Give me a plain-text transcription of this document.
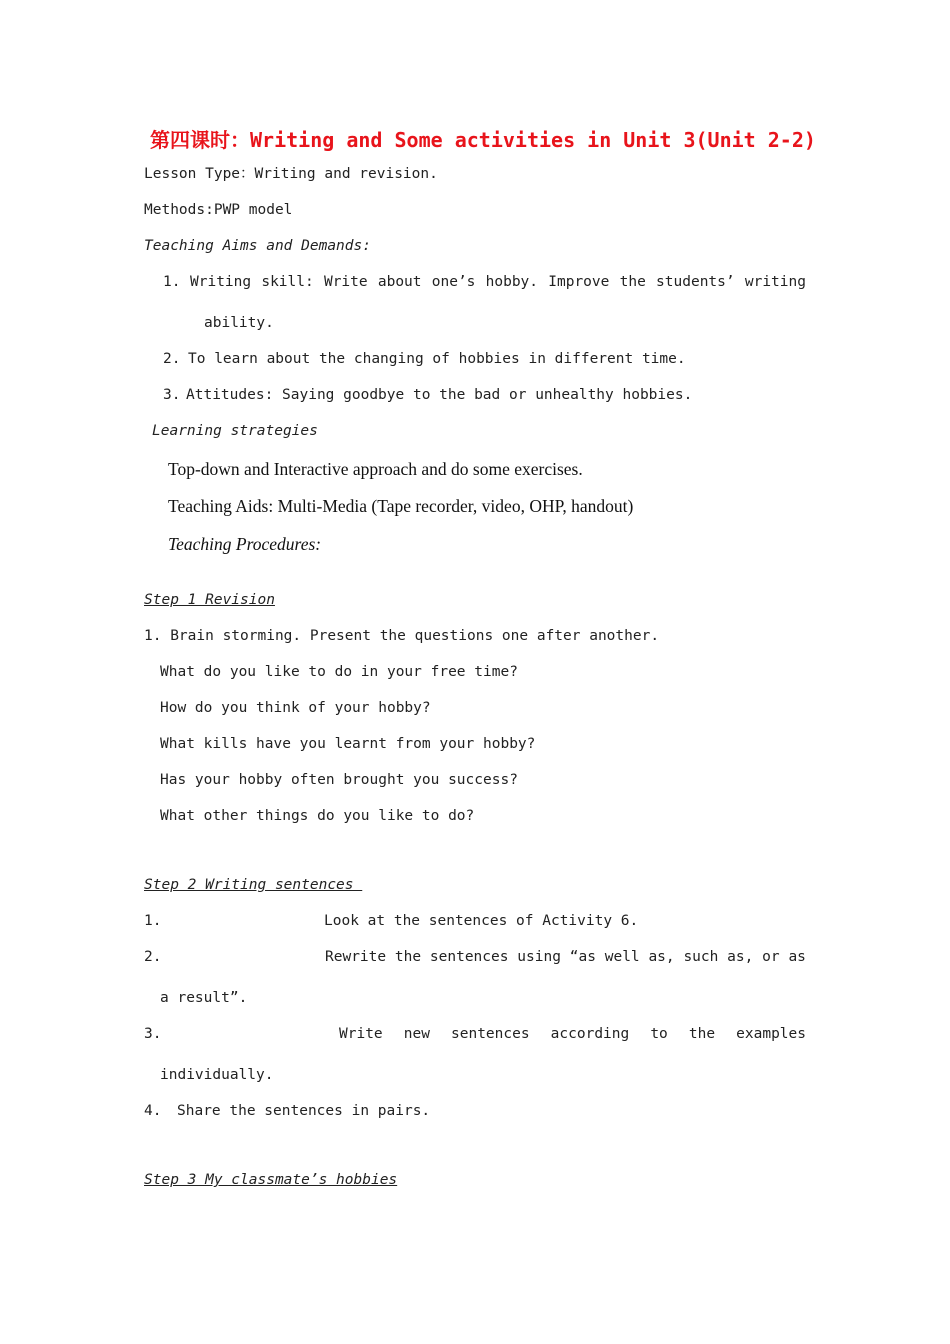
第四课时：Writing and Some activities in Unit 3(Unit 2-2)
Lesson Type：Writing and revision.
Methods:PWP model
Teaching Aims and Demands:
1. Writing skill: Write about one’s hobby. Improve the students’ writing
ability.
2. To learn about the changing of hobbies in different time.
3. Attitudes: Saying goodbye to the bad or unhealthy hobbies.
Learning strategies
Top-down and Interactive approach and do some exercises.
Teaching Aids: Multi-Media (Tape recorder, video, OHP, handout)
Teaching Procedures:
Step 1 Revision
1. Brain storming. Present the questions one after another.
What do you like to do in your free time?
How do you think of your hobby?
What kills have you learnt from your hobby?
Has your hobby often brought you success?
What other things do you like to do?
Step 2 Writing sentences
1.	Look at the sentences of Activity 6.
2.	Rewrite the sentences using “as well as, such as, or as
a result”.
3.	Write new sentences according to the examples
individually.
4. Share the sentences in pairs.
Step 3 My classmate’s hobbies
